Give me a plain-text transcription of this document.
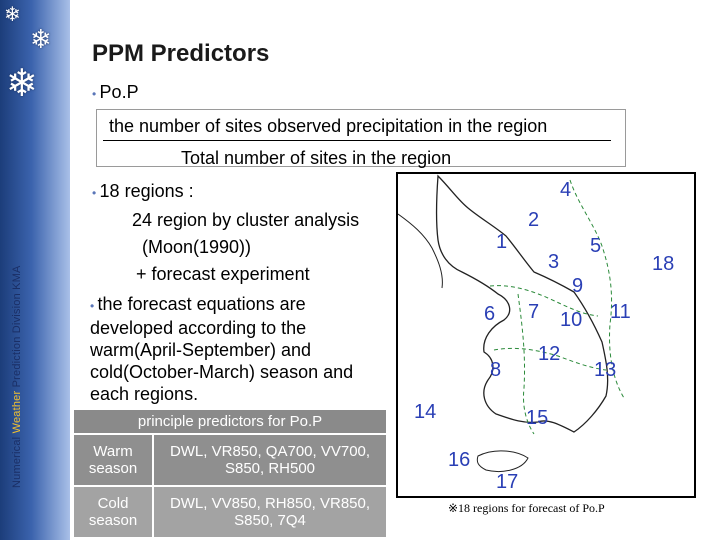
❄
❄
❄
Numerical Weather Prediction Division KMA
PPM Predictors
• Po.P
the number of sites observed precipitation in the region
Total number of sites in the region
• 18 regions :
24 region by cluster analysis
(Moon(1990))
+ forecast experiment
• the forecast equations are developed according to the warm(April-September) and cold(October-March) season and each regions.
principle predictors for Po.P	
Warm season	DWL, VR850, QA700, VV700, S850, RH500
Cold season	DWL, VV850, RH850, VR850, S850, 7Q4
1
2
3
4
5
6 7
8
9
10 11
12
13
14	15
16
17
18
※18 regions for forecast of Po.P
